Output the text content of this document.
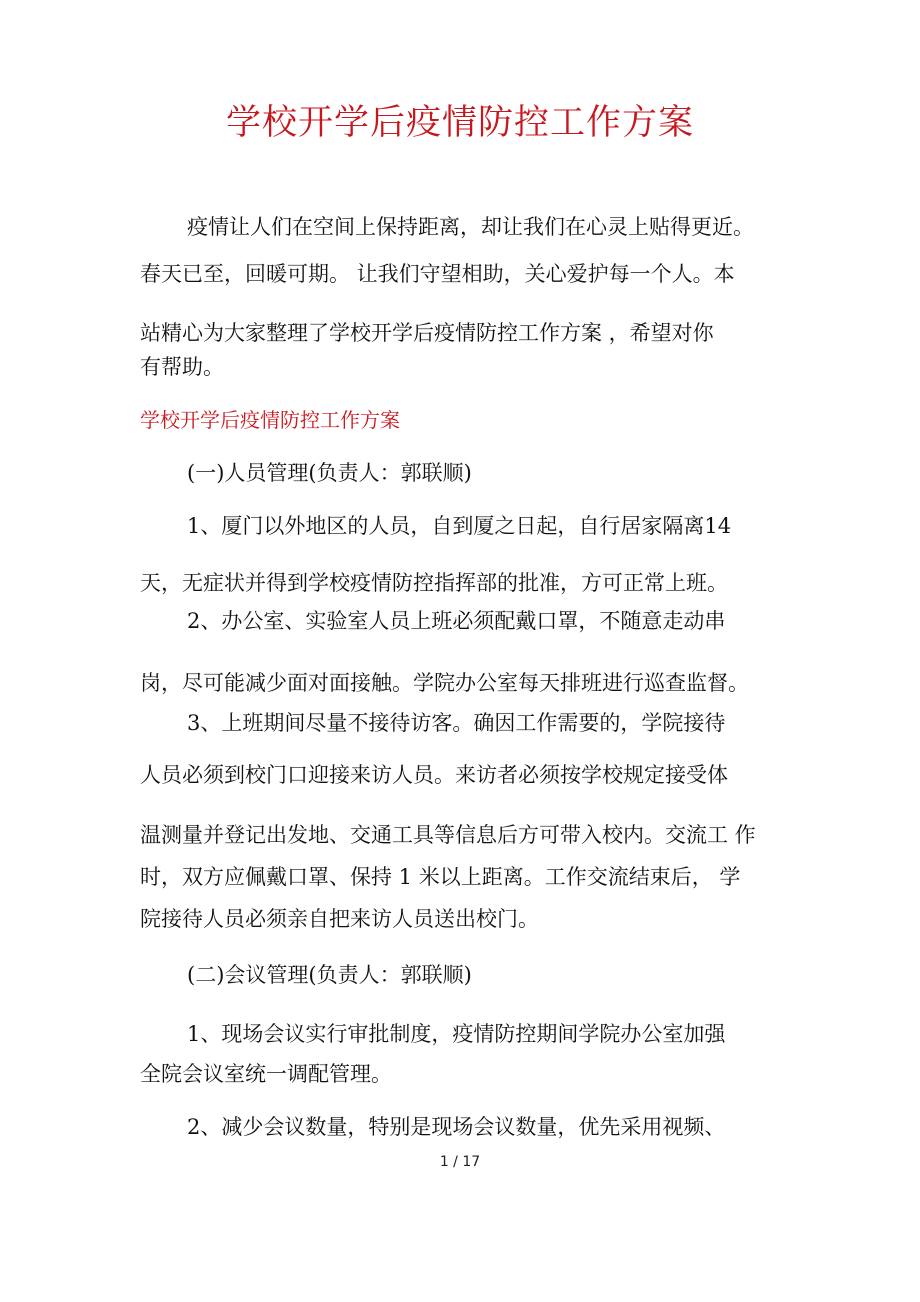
学校开学后疫情防控工作方案
疫情让人们在空间上保持距离，却让我们在心灵上贴得更近。
春天已至，回暖可期。 让我们守望相助，关心爱护每一个人。本
站精心为大家整理了学校开学后疫情防控工作方案 ，希望对你
有帮助。
学校开学后疫情防控工作方案
(一)人员管理(负责人：郭联顺)
1、厦门以外地区的人员，自到厦之日起，自行居家隔离14
天，无症状并得到学校疫情防控指挥部的批准，方可正常上班。
2、办公室、实验室人员上班必须配戴口罩，不随意走动串
岗，尽可能减少面对面接触。学院办公室每天排班进行巡查监督。
3、上班期间尽量不接待访客。确因工作需要的，学院接待
人员必须到校门口迎接来访人员。来访者必须按学校规定接受体
温测量并登记出发地、交通工具等信息后方可带入校内。交流工 作
时，双方应佩戴口罩、保持 1 米以上距离。工作交流结束后， 学
院接待人员必须亲自把来访人员送出校门。
(二)会议管理(负责人：郭联顺)
1、现场会议实行审批制度，疫情防控期间学院办公室加强
全院会议室统一调配管理。
2、减少会议数量，特别是现场会议数量，优先采用视频、
1 / 17
